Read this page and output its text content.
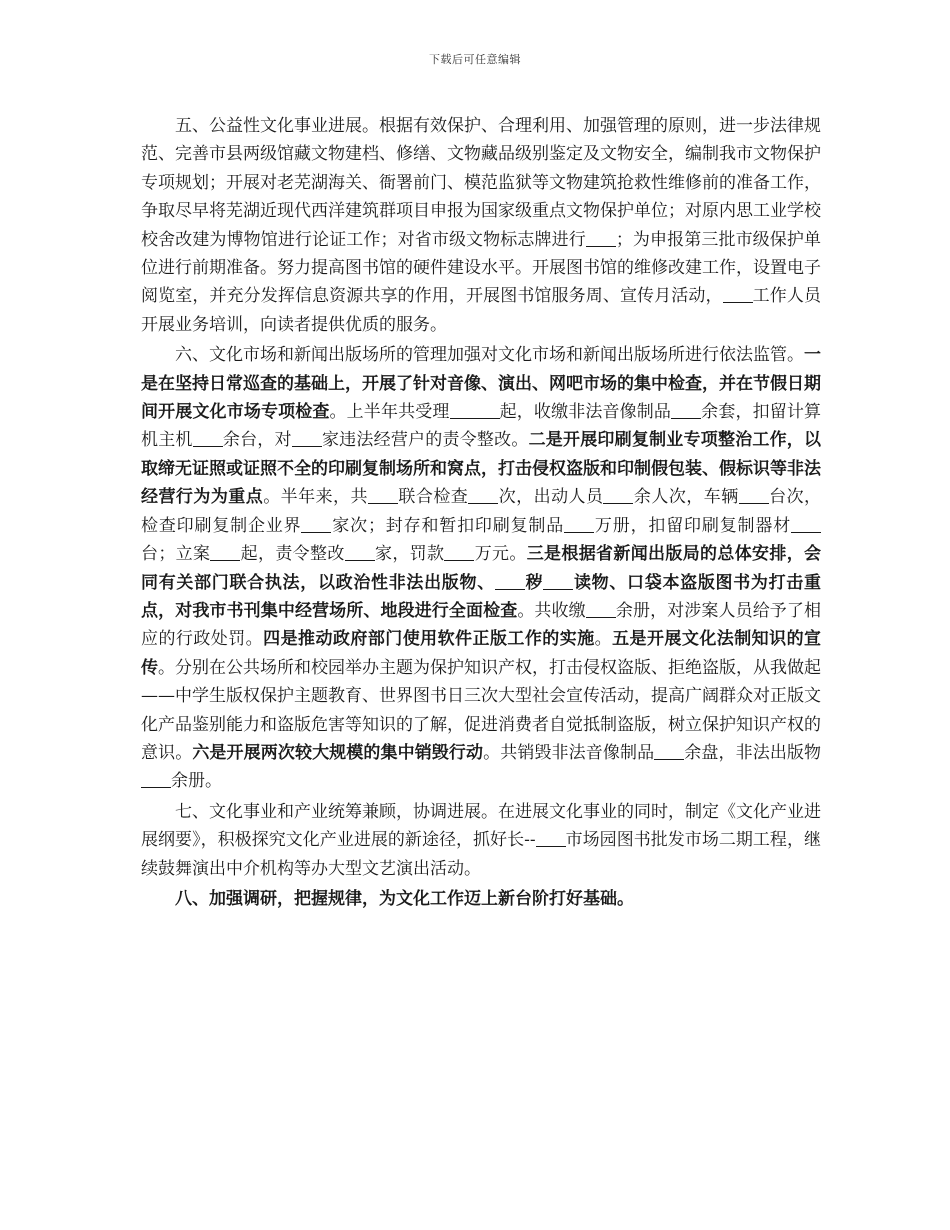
下载后可任意编辑

五、公益性文化事业进展。根据有效保护、合理利用、加强管理的原则，进一步法律规范、完善市县两级馆藏文物建档、修缮、文物藏品级别鉴定及文物安全，编制我市文物保护专项规划；开展对老芜湖海关、衙署前门、模范监狱等文物建筑抢救性维修前的准备工作，争取尽早将芜湖近现代西洋建筑群项目申报为国家级重点文物保护单位；对原内思工业学校校舍改建为博物馆进行论证工作；对省市级文物标志牌进行 ；为申报第三批市级保护单位进行前期准备。努力提高图书馆的硬件建设水平。开展图书馆的维修改建工作，设置电子阅览室，并充分发挥信息资源共享的作用，开展图书馆服务周、宣传月活动， 工作人员开展业务培训，向读者提供优质的服务。

六、文化市场和新闻出版场所的管理加强对文化市场和新闻出版场所进行依法监管。一是在坚持日常巡查的基础上，开展了针对音像、演出、网吧市场的集中检查，并在节假日期间开展文化市场专项检查。上半年共受理	起，收缴非法音像制品 余套，扣留计算机主机 余台，对 家违法经营户的责令整改。二是开展印刷复制业专项整治工作，以取缔无证照或证照不全的印刷复制场所和窝点，打击侵权盗版和印制假包装、假标识等非法经营行为为重点。半年来，共 联合检查 次，出动人员 余人次，车辆 台次，检查印刷复制企业界 家次；封存和暂扣印刷复制品 万册，扣留印刷复制器材台；立案 起，责令整改 家，罚款 万元。三是根据省新闻出版局的总体安排，会同有关部门联合执法，以政治性非法出版物、 秽 读物、口袋本盗版图书为打击重点，对我市书刊集中经营场所、地段进行全面检查。共收缴 余册，对涉案人员给予了相应的行政处罚。四是推动政府部门使用软件正版工作的实施。五是开展文化法制知识的宣传。分别在公共场所和校园举办主题为保护知识产权，打击侵权盗版、拒绝盗版，从我做起——中学生版权保护主题教育、世界图书日三次大型社会宣传活动，提高广阔群众对正版文化产品鉴别能力和盗版危害等知识的了解，促进消费者自觉抵制盗版，树立保护知识产权的意识。六是开展两次较大规模的集中销毁行动。共销毁非法音像制品 余盘，非法出版物余册。

七、文化事业和产业统筹兼顾，协调进展。在进展文化事业的同时，制定《文化产业进展纲要》，积极探究文化产业进展的新途径，抓好长-- 市场园图书批发市场二期工程，继续鼓舞演出中介机构等办大型文艺演出活动。

八、加强调研，把握规律，为文化工作迈上新台阶打好基础。
